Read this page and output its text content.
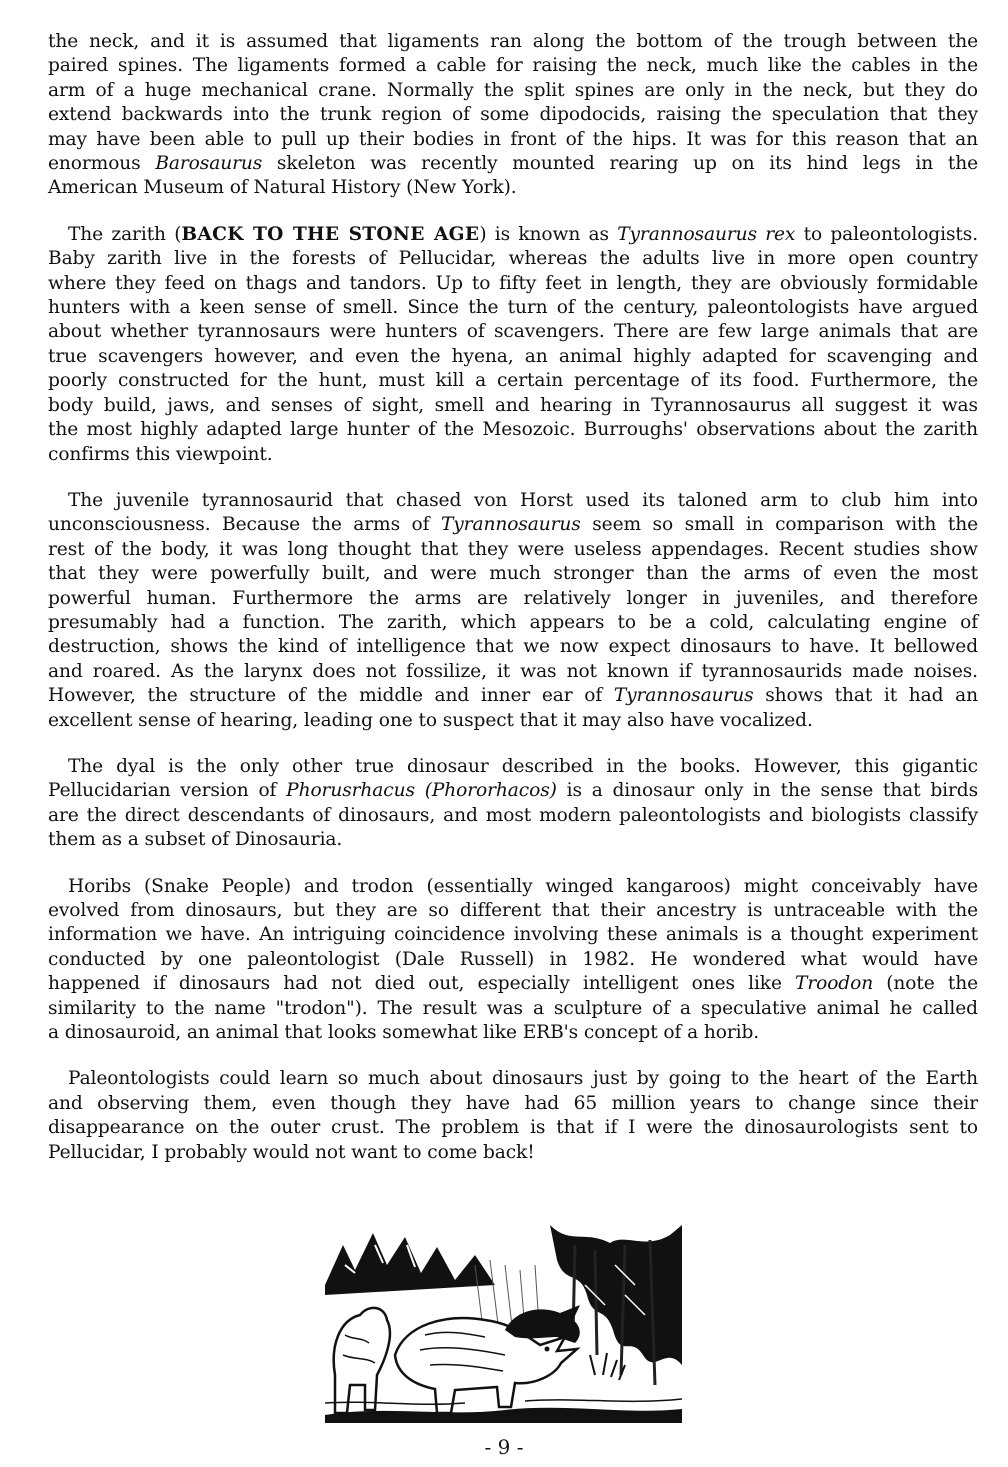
the neck, and it is assumed that ligaments ran along the bottom of the trough between the
paired spines. The ligaments formed a cable for raising the neck, much like the cables in the
arm of a huge mechanical crane. Normally the split spines are only in the neck, but they do
extend backwards into the trunk region of some dipodocids, raising the speculation that they
may have been able to pull up their bodies in front of the hips. It was for this reason that an
enormous Barosaurus skeleton was recently mounted rearing up on its hind legs in the
American Museum of Natural History (New York).

The zarith (BACK TO THE STONE AGE) is known as Tyrannosaurus rex to paleontologists.
Baby zarith live in the forests of Pellucidar, whereas the adults live in more open country
where they feed on thags and tandors. Up to fifty feet in length, they are obviously formidable
hunters with a keen sense of smell. Since the turn of the century, paleontologists have argued
about whether tyrannosaurs were hunters of scavengers. There are few large animals that are
true scavengers however, and even the hyena, an animal highly adapted for scavenging and
poorly constructed for the hunt, must kill a certain percentage of its food. Furthermore, the
body build, jaws, and senses of sight, smell and hearing in Tyrannosaurus all suggest it was
the most highly adapted large hunter of the Mesozoic. Burroughs' observations about the zarith
confirms this viewpoint.

The juvenile tyrannosaurid that chased von Horst used its taloned arm to club him into
unconsciousness. Because the arms of Tyrannosaurus seem so small in comparison with the
rest of the body, it was long thought that they were useless appendages. Recent studies show
that they were powerfully built, and were much stronger than the arms of even the most
powerful human. Furthermore the arms are relatively longer in juveniles, and therefore
presumably had a function. The zarith, which appears to be a cold, calculating engine of
destruction, shows the kind of intelligence that we now expect dinosaurs to have. It bellowed
and roared. As the larynx does not fossilize, it was not known if tyrannosaurids made noises.
However, the structure of the middle and inner ear of Tyrannosaurus shows that it had an
excellent sense of hearing, leading one to suspect that it may also have vocalized.

The dyal is the only other true dinosaur described in the books. However, this gigantic
Pellucidarian version of Phorusrhacus (Phororhacos) is a dinosaur only in the sense that birds
are the direct descendants of dinosaurs, and most modern paleontologists and biologists classify
them as a subset of Dinosauria.

Horibs (Snake People) and trodon (essentially winged kangaroos) might conceivably have
evolved from dinosaurs, but they are so different that their ancestry is untraceable with the
information we have. An intriguing coincidence involving these animals is a thought experiment
conducted by one paleontologist (Dale Russell) in 1982. He wondered what would have
happened if dinosaurs had not died out, especially intelligent ones like Troodon (note the
similarity to the name "trodon"). The result was a sculpture of a speculative animal he called
a dinosauroid, an animal that looks somewhat like ERB's concept of a horib.

Paleontologists could learn so much about dinosaurs just by going to the heart of the Earth
and observing them, even though they have had 65 million years to change since their
disappearance on the outer crust. The problem is that if I were the dinosaurologists sent to
Pellucidar, I probably would not want to come back!

- 9 -
